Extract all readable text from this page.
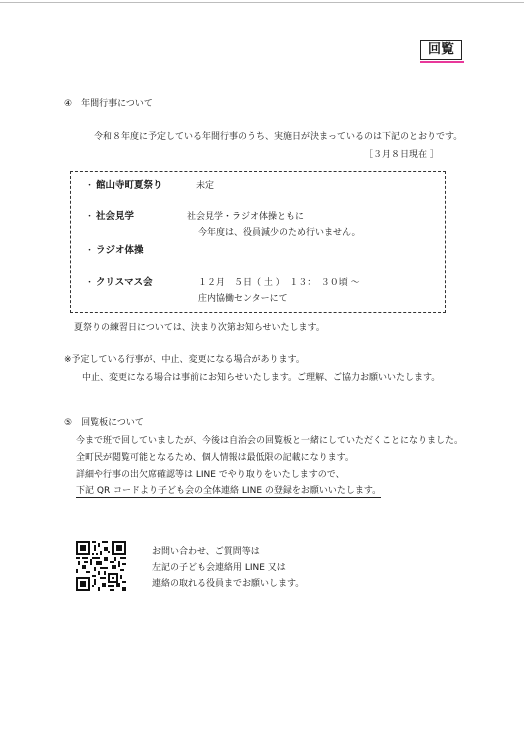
回覧
④　年間行事について
令和８年度に予定している年間行事のうち、実施日が決まっているのは下記のとおりです。
［３月８日現在 ］
・ 館山寺町夏祭り	未定
・ 社会見学	社会見学・ラジオ体操ともに
今年度は、役員減少のため行いません。
・ ラジオ体操
・ クリスマス会	１２月　５日（ 土 ）　１３：　３０頃 〜
庄内協働センターにて
夏祭りの練習日については、決まり次第お知らせいたします。
※予定している行事が、中止、変更になる場合があります。
中止、変更になる場合は事前にお知らせいたします。ご理解、ご協力お願いいたします。
⑤　回覧板について
今まで班で回していましたが、今後は自治会の回覧板と一緒にしていただくことになりました。
全町民が閲覧可能となるため、個人情報は最低限の記載になります。
詳細や行事の出欠席確認等は LINE でやり取りをいたしますので、
下記 QR コードより子ども会の全体連絡 LINE の登録をお願いいたします。
お問い合わせ、ご質問等は
左記の子ども会連絡用 LINE 又は
連絡の取れる役員までお願いします。
